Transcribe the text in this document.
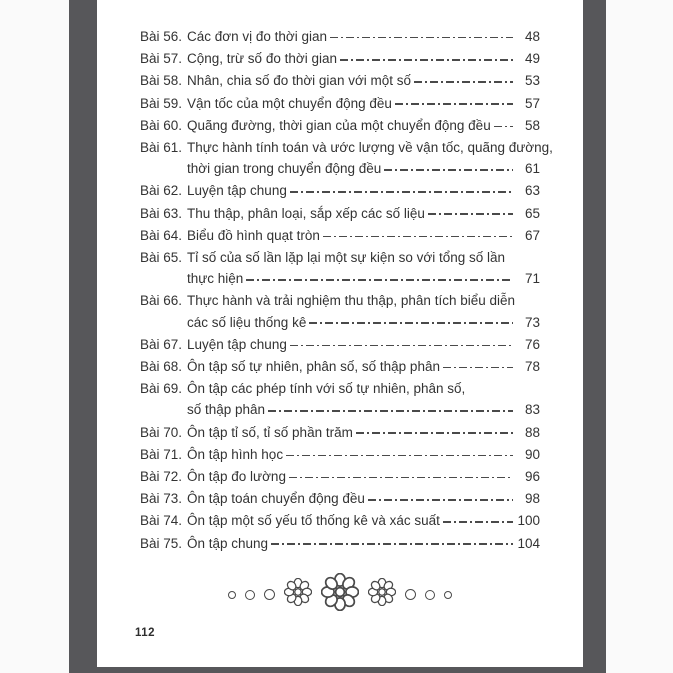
Bài 56. Các đơn vị đo thời gian	48
Bài 57. Cộng, trừ số đo thời gian	49
Bài 58. Nhân, chia số đo thời gian với một số	53
Bài 59. Vận tốc của một chuyển động đều	57
Bài 60. Quãng đường, thời gian của một chuyển động đều	58
Bài 61. Thực hành tính toán và ước lượng về vận tốc, quãng đường,
thời gian trong chuyển động đều	61
Bài 62. Luyện tập chung	63
Bài 63. Thu thập, phân loại, sắp xếp các số liệu	65
Bài 64. Biểu đồ hình quạt tròn	67
Bài 65. Tỉ số của số lần lặp lại một sự kiện so với tổng số lần
thực hiện	71
Bài 66. Thực hành và trải nghiệm thu thập, phân tích biểu diễn
các số liệu thống kê	73
Bài 67. Luyện tập chung	76
Bài 68. Ôn tập số tự nhiên, phân số, số thập phân	78
Bài 69. Ôn tập các phép tính với số tự nhiên, phân số,
số thập phân	83
Bài 70. Ôn tập tỉ số, tỉ số phần trăm	88
Bài 71. Ôn tập hình học	90
Bài 72. Ôn tập đo lường	96
Bài 73. Ôn tập toán chuyển động đều	98
Bài 74. Ôn tập một số yếu tố thống kê và xác suất	100
Bài 75. Ôn tập chung	104
112
